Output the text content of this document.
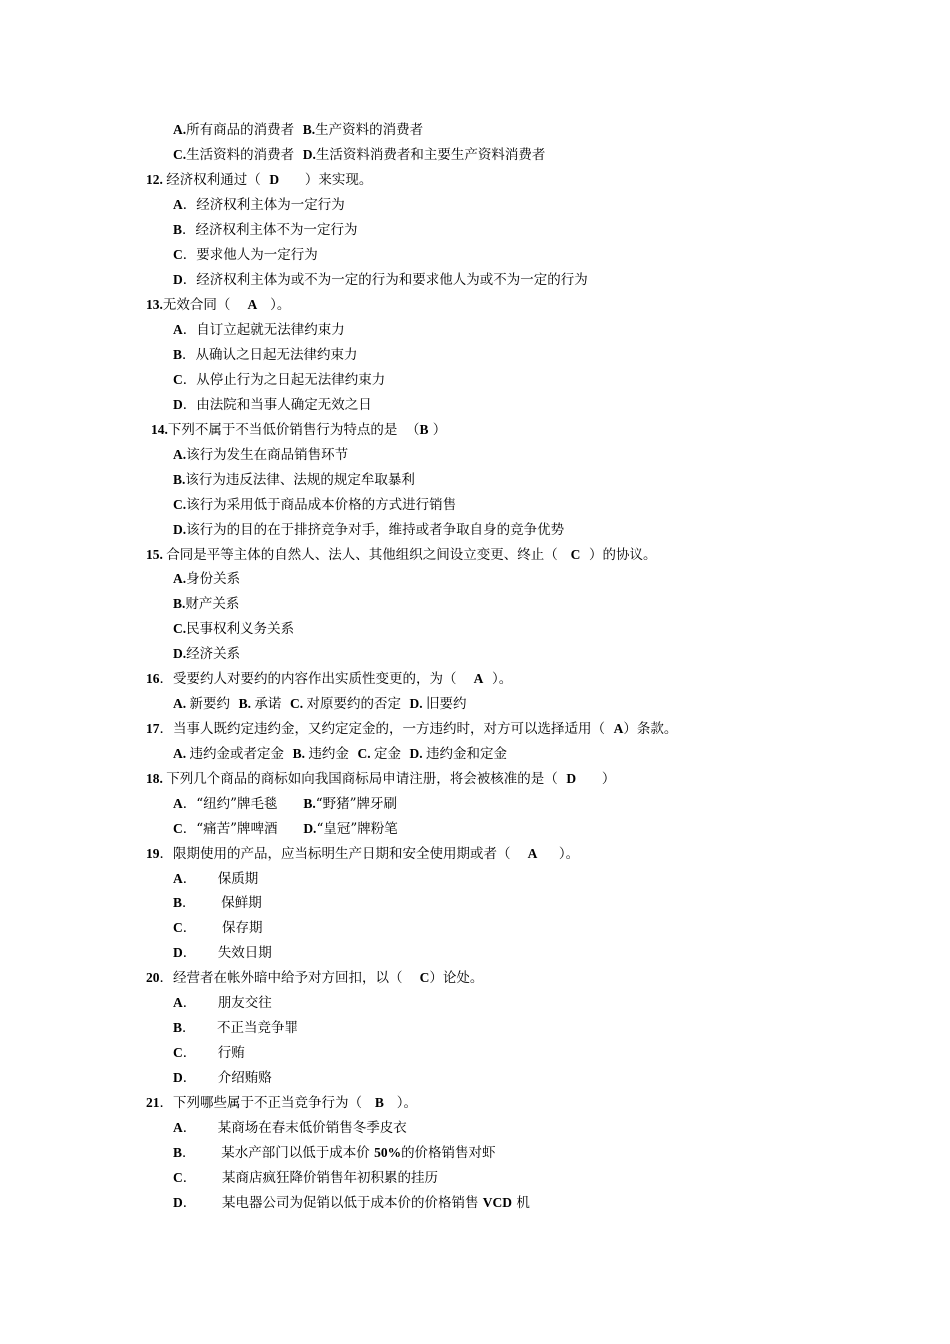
A.所有商品的消费者  B.生产资料的消费者
C.生活资料的消费者  D.生活资料消费者和主要生产资料消费者
12. 经济权利通过（  D      ）来实现。
A．经济权利主体为一定行为
B．经济权利主体不为一定行为
C．要求他人为一定行为
D．经济权利主体为或不为一定的行为和要求他人为或不为一定的行为
13.无效合同（    A   ）。
A．自订立起就无法律约束力
B．从确认之日起无法律约束力
C．从停止行为之日起无法律约束力
D．由法院和当事人确定无效之日
14.下列不属于不当低价销售行为特点的是  （B ）
A.该行为发生在商品销售环节
B.该行为违反法律、法规的规定牟取暴利
C.该行为采用低于商品成本价格的方式进行销售
D.该行为的目的在于排挤竞争对手，维持或者争取自身的竞争优势
15. 合同是平等主体的自然人、法人、其他组织之间设立变更、终止（   C  ）的协议。
A.身份关系
B.财产关系
C.民事权利义务关系
D.经济关系
16．受要约人对要约的内容作出实质性变更的，为（    A  ）。
A. 新要约  B. 承诺  C. 对原要约的否定  D. 旧要约
17．当事人既约定违约金，又约定定金的，一方违约时，对方可以选择适用（  A）条款。
A. 违约金或者定金  B. 违约金  C. 定金  D. 违约金和定金
18. 下列几个商品的商标如向我国商标局申请注册，将会被核准的是（  D      ）
A．“纽约”牌毛毯      B.“野猪”牌牙刷
C．“痛苦”牌啤酒      D.“皇冠”牌粉笔
19．限期使用的产品，应当标明生产日期和安全使用期或者（    A     ）。
A．     保质期
B．      保鲜期
C．      保存期
D．     失效日期
20．经营者在帐外暗中给予对方回扣，以（    C）论处。
A．     朋友交往
B．     不正当竞争罪
C．     行贿
D．     介绍贿赂
21．下列哪些属于不正当竞争行为（   B   ）。
A．     某商场在春末低价销售冬季皮衣
B．      某水产部门以低于成本价 50%的价格销售对虾
C．      某商店疯狂降价销售年初积累的挂历
D．      某电器公司为促销以低于成本价的价格销售 VCD 机
